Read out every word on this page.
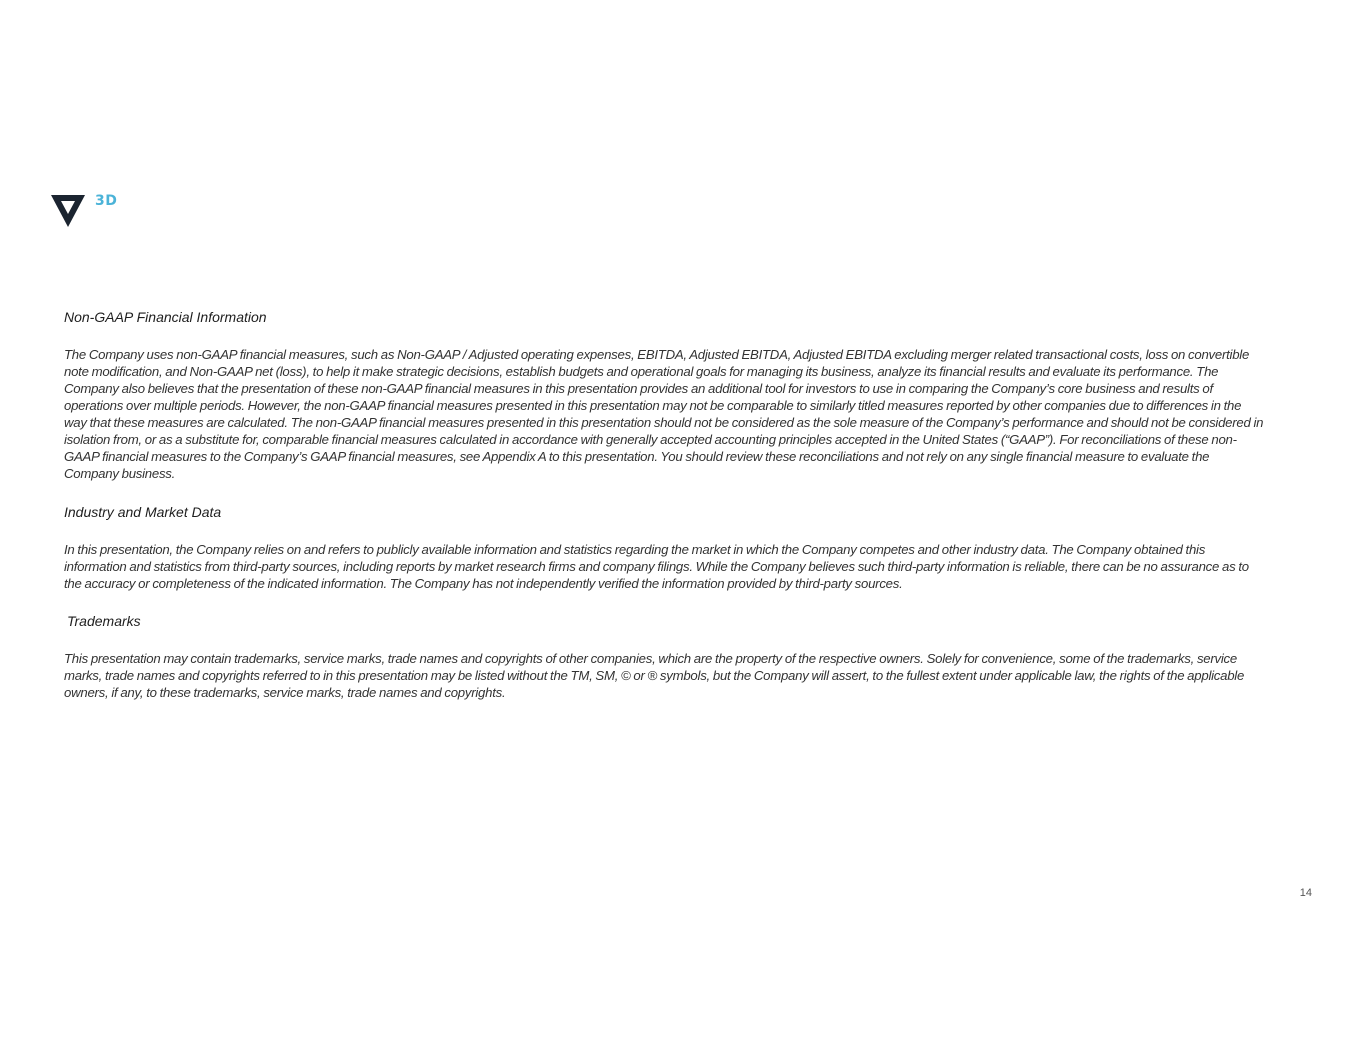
3D

Non-GAAP Financial Information

The Company uses non-GAAP financial measures, such as Non-GAAP / Adjusted operating expenses, EBITDA, Adjusted EBITDA, Adjusted EBITDA excluding merger related transactional costs, loss on convertible note modification, and Non-GAAP net (loss), to help it make strategic decisions, establish budgets and operational goals for managing its business, analyze its financial results and evaluate its performance. The Company also believes that the presentation of these non-GAAP financial measures in this presentation provides an additional tool for investors to use in comparing the Company’s core business and results of operations over multiple periods. However, the non-GAAP financial measures presented in this presentation may not be comparable to similarly titled measures reported by other companies due to differences in the way that these measures are calculated. The non-GAAP financial measures presented in this presentation should not be considered as the sole measure of the Company’s performance and should not be considered in isolation from, or as a substitute for, comparable financial measures calculated in accordance with generally accepted accounting principles accepted in the United States (“GAAP”). For reconciliations of these non-GAAP financial measures to the Company’s GAAP financial measures, see Appendix A to this presentation. You should review these reconciliations and not rely on any single financial measure to evaluate the Company business.

Industry and Market Data

In this presentation, the Company relies on and refers to publicly available information and statistics regarding the market in which the Company competes and other industry data. The Company obtained this information and statistics from third-party sources, including reports by market research firms and company filings. While the Company believes such third-party information is reliable, there can be no assurance as to the accuracy or completeness of the indicated information. The Company has not independently verified the information provided by third-party sources.

Trademarks

This presentation may contain trademarks, service marks, trade names and copyrights of other companies, which are the property of the respective owners. Solely for convenience, some of the trademarks, service marks, trade names and copyrights referred to in this presentation may be listed without the TM, SM, © or ® symbols, but the Company will assert, to the fullest extent under applicable law, the rights of the applicable owners, if any, to these trademarks, service marks, trade names and copyrights.

14
